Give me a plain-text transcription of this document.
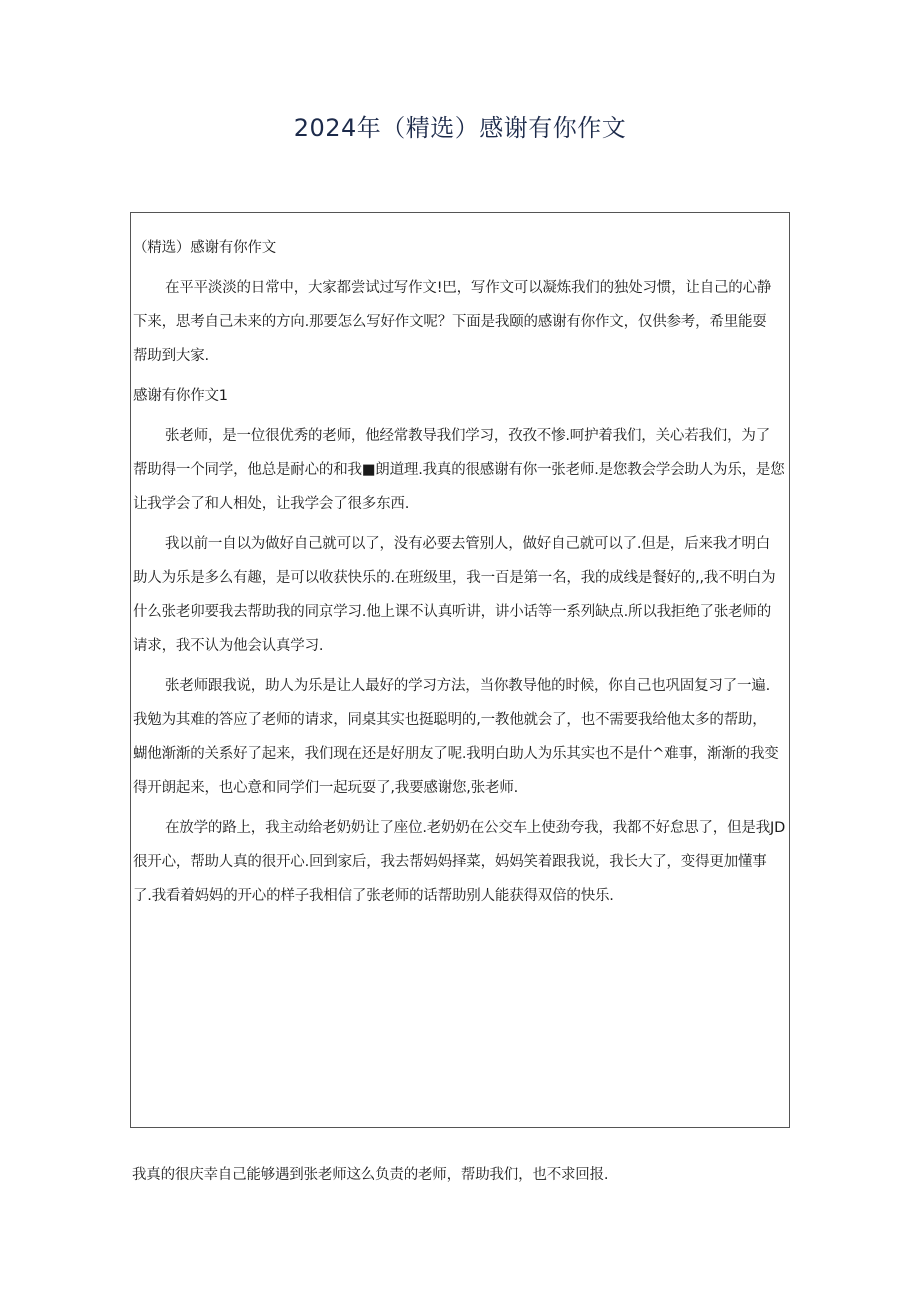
2024年（精选）感谢有你作文
（精选）感谢有你作文
在平平淡淡的日常中，大家都尝试过写作文!巴，写作文可以凝炼我们的独处习惯，让自己的心静
下来，思考自己未来的方向.那要怎么写好作文呢？下面是我颐的感谢有你作文，仅供参考，希里能耍
帮助到大家.
感谢有你作文1
张老师，是一位很优秀的老师，他经常教导我们学习，孜孜不惨.呵护着我们，关心若我们，为了
帮助得一个同学，他总是耐心的和我■朗道理.我真的很感谢有你一张老师.是您教会学会助人为乐，是您
让我学会了和人相处，让我学会了很多东西.
我以前一自以为做好自己就可以了，没有必要去管别人，做好自己就可以了.但是，后来我才明白
助人为乐是多么有趣，是可以收获快乐的.在班级里，我一百是第一名，我的成线是餐好的,,我不明白为
什么张老卯要我去帮助我的同京学习.他上课不认真听讲，讲小话等一系列缺点.所以我拒绝了张老师的
请求，我不认为他会认真学习.
张老师跟我说，助人为乐是让人最好的学习方法，当你教导他的时候，你自己也巩固复习了一遍.
我勉为其难的答应了老师的请求，同桌其实也挺聪明的,一教他就会了，也不需要我给他太多的帮助，
蝴他渐渐的关系好了起来，我们现在还是好朋友了呢.我明白助人为乐其实也不是什^难事，渐渐的我变
得开朗起来，也心意和同学们一起玩耍了,我要感谢您,张老师.
在放学的路上，我主动给老奶奶让了座位.老奶奶在公交车上使劲夸我，我都不好怠思了，但是我JD
很开心，帮助人真的很开心.回到家后，我去帮妈妈择菜，妈妈笑着跟我说，我长大了，变得更加懂事
了.我看着妈妈的开心的样子我相信了张老师的话帮助别人能获得双倍的快乐.
我真的很庆幸自己能够遇到张老师这么负责的老师，帮助我们，也不求回报.
